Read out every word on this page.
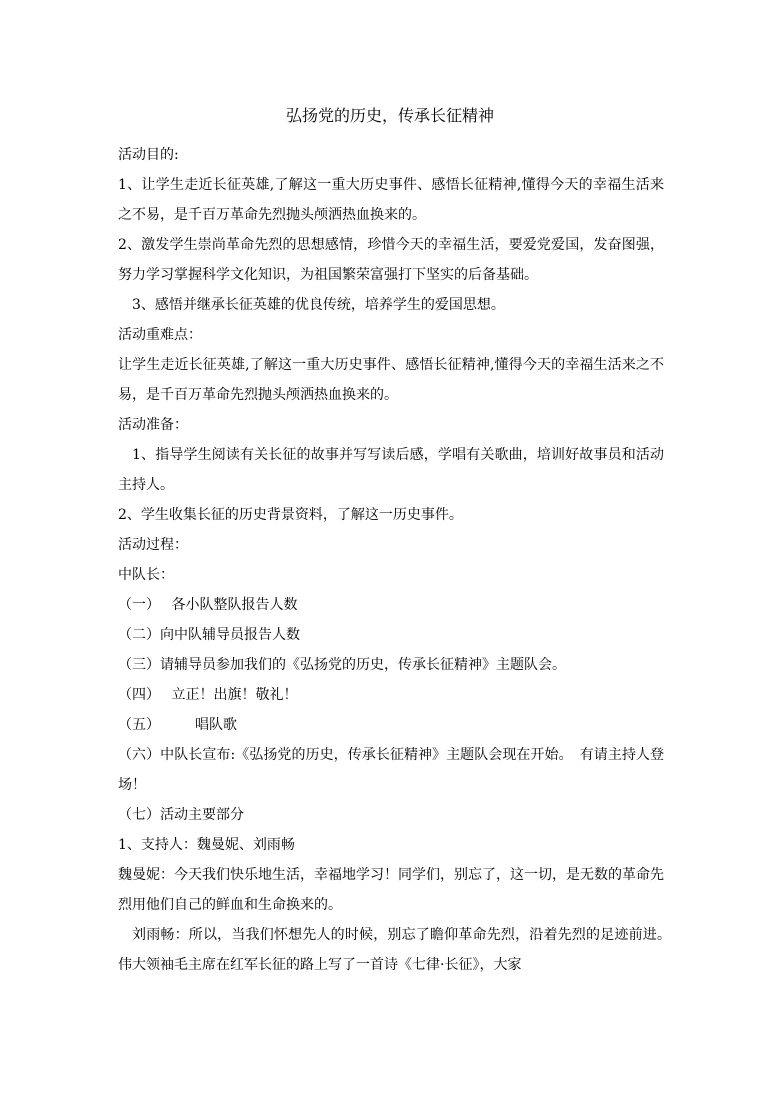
弘扬党的历史，传承长征精神

活动目的:

1、让学生走近长征英雄,了解这一重大历史事件、感悟长征精神,懂得今天的幸福生活来之不易，是千百万革命先烈抛头颅洒热血换来的。

2、激发学生崇尚革命先烈的思想感情，珍惜今天的幸福生活，要爱党爱国，发奋图强，努力学习掌握科学文化知识，为祖国繁荣富强打下坚实的后备基础。

3、感悟并继承长征英雄的优良传统，培养学生的爱国思想。

活动重难点：

让学生走近长征英雄,了解这一重大历史事件、感悟长征精神,懂得今天的幸福生活来之不易，是千百万革命先烈抛头颅洒热血换来的。

活动准备：

1、指导学生阅读有关长征的故事并写写读后感，学唱有关歌曲，培训好故事员和活动主持人。

2、学生收集长征的历史背景资料，了解这一历史事件。

活动过程：

中队长：

（一）　 各小队整队报告人数

（二）向中队辅导员报告人数

（三）请辅导员参加我们的《弘扬党的历史，传承长征精神》主题队会。

（四）　 立正！出旗！敬礼！

（五）　　　唱队歌

（六）中队长宣布:《弘扬党的历史，传承长征精神》主题队会现在开始。　有请主持人登场！

（七）活动主要部分

1、支持人：魏曼妮、刘雨畅

魏曼妮：今天我们快乐地生活，幸福地学习！同学们，别忘了，这一切，是无数的革命先烈用他们自己的鲜血和生命换来的。

刘雨畅：所以，当我们怀想先人的时候，别忘了瞻仰革命先烈，沿着先烈的足迹前进。　伟大领袖毛主席在红军长征的路上写了一首诗《七律·长征》，大家
